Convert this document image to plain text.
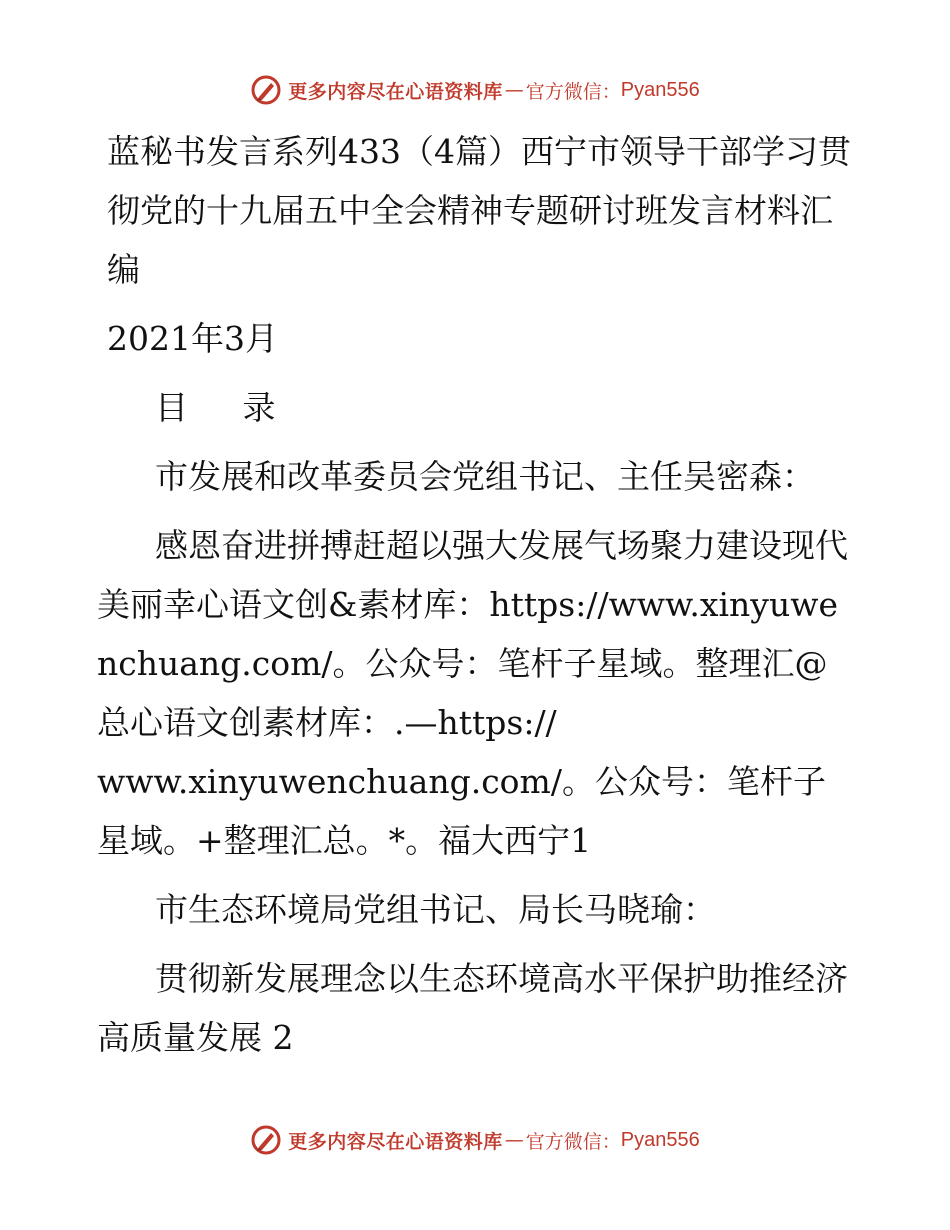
更多内容尽在心语资料库 — 官方微信： Pyan556

蓝秘书发言系列433（4篇）西宁市领导干部学习贯彻党的十九届五中全会精神专题研讨班发言材料汇编

2021年3月

目 录

市发展和改革委员会党组书记、主任吴密森：

感恩奋进拼搏赶超以强大发展气场聚力建设现代美丽幸心语文创&素材库：https://www.xinyuwenchuang.com/。公众号：笔杆子星域。整理汇@总心语文创素材库：.—https://

www.xinyuwenchuang.com/。公众号：笔杆子星域。+整理汇总。*。福大西宁1

市生态环境局党组书记、局长马晓瑜：

贯彻新发展理念以生态环境高水平保护助推经济高质量发展 2

更多内容尽在心语资料库 — 官方微信： Pyan556
